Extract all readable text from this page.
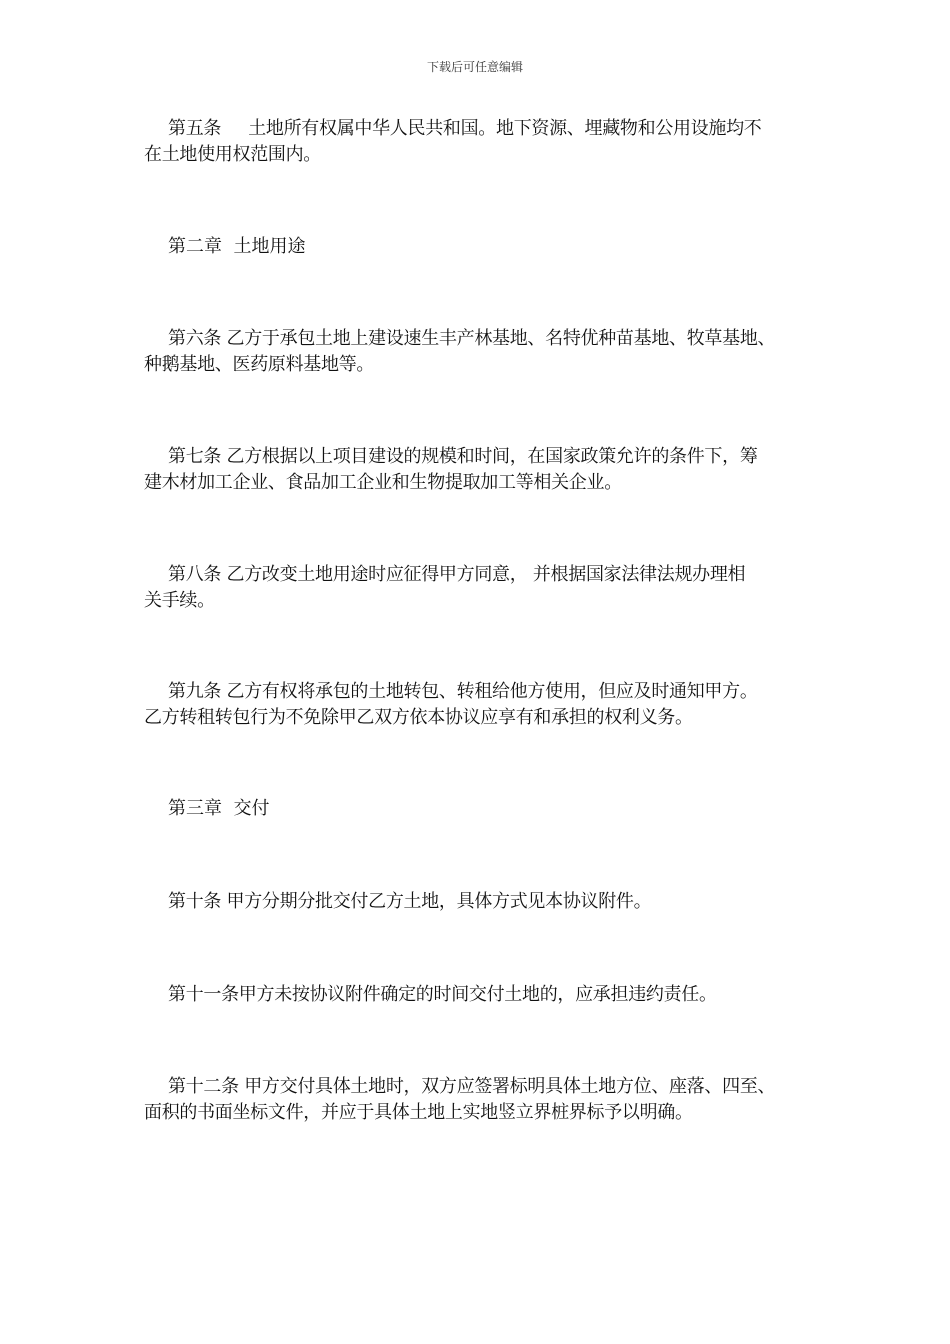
下载后可任意编辑
第五条     土地所有权属中华人民共和国。地下资源、埋藏物和公用设施均不
在土地使用权范围内。
第二章  土地用途
第六条 乙方于承包土地上建设速生丰产林基地、名特优种苗基地、牧草基地、
种鹅基地、医药原料基地等。
第七条 乙方根据以上项目建设的规模和时间，在国家政策允许的条件下，筹
建木材加工企业、食品加工企业和生物提取加工等相关企业。
第八条 乙方改变土地用途时应征得甲方同意， 并根据国家法律法规办理相
关手续。
第九条 乙方有权将承包的土地转包、转租给他方使用，但应及时通知甲方。
乙方转租转包行为不免除甲乙双方依本协议应享有和承担的权利义务。
第三章  交付
第十条 甲方分期分批交付乙方土地，具体方式见本协议附件。
第十一条甲方未按协议附件确定的时间交付土地的，应承担违约责任。
第十二条 甲方交付具体土地时，双方应签署标明具体土地方位、座落、四至、
面积的书面坐标文件，并应于具体土地上实地竖立界桩界标予以明确。
